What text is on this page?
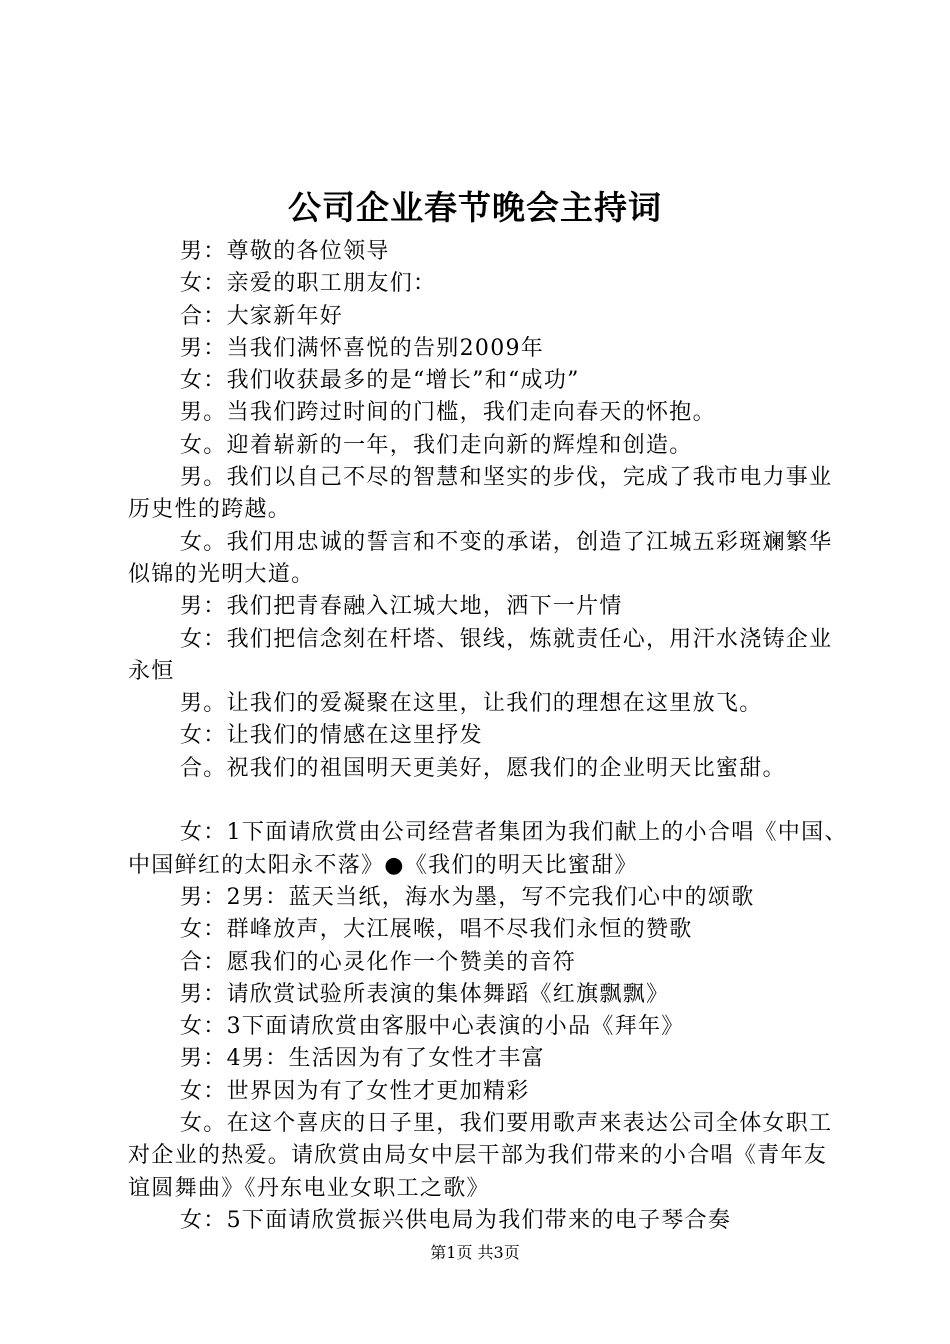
公司企业春节晚会主持词

男：尊敬的各位领导

女：亲爱的职工朋友们：

合：大家新年好

男：当我们满怀喜悦的告别2009年

女：我们收获最多的是“增长”和“成功”

男。当我们跨过时间的门槛，我们走向春天的怀抱。

女。迎着崭新的一年，我们走向新的辉煌和创造。

男。我们以自己不尽的智慧和坚实的步伐，完成了我市电力事业历史性的跨越。

女。我们用忠诚的誓言和不变的承诺，创造了江城五彩斑斓繁华似锦的光明大道。

男：我们把青春融入江城大地，洒下一片情

女：我们把信念刻在杆塔、银线，炼就责任心，用汗水浇铸企业永恒

男。让我们的爱凝聚在这里，让我们的理想在这里放飞。

女：让我们的情感在这里抒发

合。祝我们的祖国明天更美好，愿我们的企业明天比蜜甜。

女：1下面请欣赏由公司经营者集团为我们献上的小合唱《中国、中国鲜红的太阳永不落》●《我们的明天比蜜甜》

男：2男：蓝天当纸，海水为墨，写不完我们心中的颂歌

女：群峰放声，大江展喉，唱不尽我们永恒的赞歌

合：愿我们的心灵化作一个赞美的音符

男：请欣赏试验所表演的集体舞蹈《红旗飘飘》

女：3下面请欣赏由客服中心表演的小品《拜年》

男：4男：生活因为有了女性才丰富

女：世界因为有了女性才更加精彩

女。在这个喜庆的日子里，我们要用歌声来表达公司全体女职工对企业的热爱。请欣赏由局女中层干部为我们带来的小合唱《青年友谊圆舞曲》《丹东电业女职工之歌》

女：5下面请欣赏振兴供电局为我们带来的电子琴合奏

第1页 共3页
